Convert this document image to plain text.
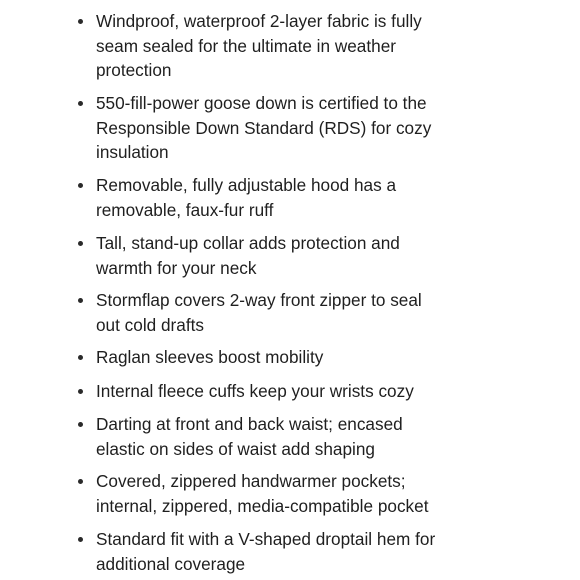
Windproof, waterproof 2-layer fabric is fully
seam sealed for the ultimate in weather
protection
550-fill-power goose down is certified to the
Responsible Down Standard (RDS) for cozy
insulation
Removable, fully adjustable hood has a
removable, faux-fur ruff
Tall, stand-up collar adds protection and
warmth for your neck
Stormflap covers 2-way front zipper to seal
out cold drafts
Raglan sleeves boost mobility
Internal fleece cuffs keep your wrists cozy
Darting at front and back waist; encased
elastic on sides of waist add shaping
Covered, zippered handwarmer pockets;
internal, zippered, media-compatible pocket
Standard fit with a V-shaped droptail hem for
additional coverage
